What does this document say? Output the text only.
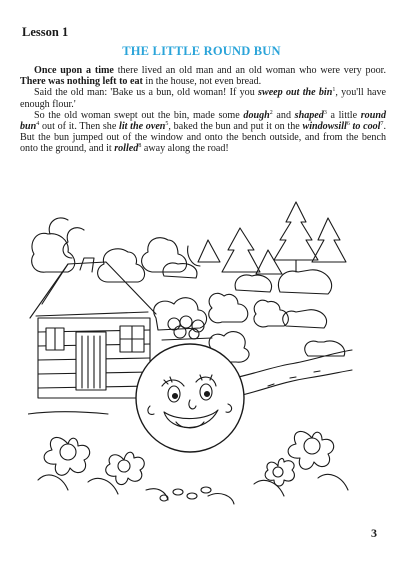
Lesson 1
THE LITTLE ROUND BUN

Once upon a time there lived an old man and an old woman who were very poor. There was nothing left to eat in the house, not even bread.

Said the old man: 'Bake us a bun, old woman! If you sweep out the bin$^1$, you'll have enough flour.'

So the old woman swept out the bin, made some dough$^2$ and shaped$^3$ a little round bun$^4$ out of it. Then she lit the oven$^5$, baked the bun and put it on the windowsill$^6$ to cool$^7$. But the bun jumped out of the window and onto the bench outside, and from the bench onto the ground, and it rolled$^8$ away along the road!

3
